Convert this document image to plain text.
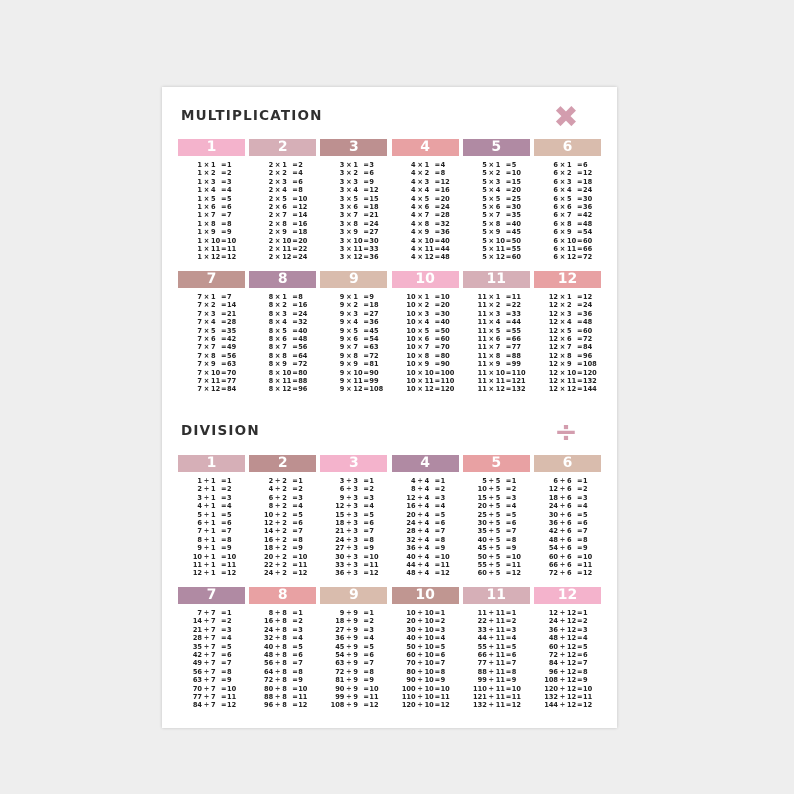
MULTIPLICATION	✖
1
1 × 1 = 1
1 × 2 = 2
1 × 3 = 3
1 × 4 = 4
1 × 5 = 5
1 × 6 = 6
1 × 7 = 7
1 × 8 = 8
1 × 9 = 9
1 × 10 = 10
1 × 11 = 11
1 × 12 = 12
2
2 × 1 = 2
2 × 2 = 4
2 × 3 = 6
2 × 4 = 8
2 × 5 = 10
2 × 6 = 12
2 × 7 = 14
2 × 8 = 16
2 × 9 = 18
2 × 10 = 20
2 × 11 = 22
2 × 12 = 24
3
3 × 1 = 3
3 × 2 = 6
3 × 3 = 9
3 × 4 = 12
3 × 5 = 15
3 × 6 = 18
3 × 7 = 21
3 × 8 = 24
3 × 9 = 27
3 × 10 = 30
3 × 11 = 33
3 × 12 = 36
4
4 × 1 = 4
4 × 2 = 8
4 × 3 = 12
4 × 4 = 16
4 × 5 = 20
4 × 6 = 24
4 × 7 = 28
4 × 8 = 32
4 × 9 = 36
4 × 10 = 40
4 × 11 = 44
4 × 12 = 48
5
5 × 1 = 5
5 × 2 = 10
5 × 3 = 15
5 × 4 = 20
5 × 5 = 25
5 × 6 = 30
5 × 7 = 35
5 × 8 = 40
5 × 9 = 45
5 × 10 = 50
5 × 11 = 55
5 × 12 = 60
6
6 × 1 = 6
6 × 2 = 12
6 × 3 = 18
6 × 4 = 24
6 × 5 = 30
6 × 6 = 36
6 × 7 = 42
6 × 8 = 48
6 × 9 = 54
6 × 10 = 60
6 × 11 = 66
6 × 12 = 72
7
7 × 1 = 7
7 × 2 = 14
7 × 3 = 21
7 × 4 = 28
7 × 5 = 35
7 × 6 = 42
7 × 7 = 49
7 × 8 = 56
7 × 9 = 63
7 × 10 = 70
7 × 11 = 77
7 × 12 = 84
8
8 × 1 = 8
8 × 2 = 16
8 × 3 = 24
8 × 4 = 32
8 × 5 = 40
8 × 6 = 48
8 × 7 = 56
8 × 8 = 64
8 × 9 = 72
8 × 10 = 80
8 × 11 = 88
8 × 12 = 96
9
9 × 1 = 9
9 × 2 = 18
9 × 3 = 27
9 × 4 = 36
9 × 5 = 45
9 × 6 = 54
9 × 7 = 63
9 × 8 = 72
9 × 9 = 81
9 × 10 = 90
9 × 11 = 99
9 × 12 = 108
10
10 × 1 = 10
10 × 2 = 20
10 × 3 = 30
10 × 4 = 40
10 × 5 = 50
10 × 6 = 60
10 × 7 = 70
10 × 8 = 80
10 × 9 = 90
10 × 10 = 100
10 × 11 = 110
10 × 12 = 120
11
11 × 1 = 11
11 × 2 = 22
11 × 3 = 33
11 × 4 = 44
11 × 5 = 55
11 × 6 = 66
11 × 7 = 77
11 × 8 = 88
11 × 9 = 99
11 × 10 = 110
11 × 11 = 121
11 × 12 = 132
12
12 × 1 = 12
12 × 2 = 24
12 × 3 = 36
12 × 4 = 48
12 × 5 = 60
12 × 6 = 72
12 × 7 = 84
12 × 8 = 96
12 × 9 = 108
12 × 10 = 120
12 × 11 = 132
12 × 12 = 144
DIVISION	÷
1
1 ÷ 1 = 1
2 ÷ 1 = 2
3 ÷ 1 = 3
4 ÷ 1 = 4
5 ÷ 1 = 5
6 ÷ 1 = 6
7 ÷ 1 = 7
8 ÷ 1 = 8
9 ÷ 1 = 9
10 ÷ 1 = 10
11 ÷ 1 = 11
12 ÷ 1 = 12
2
2 ÷ 2 = 1
4 ÷ 2 = 2
6 ÷ 2 = 3
8 ÷ 2 = 4
10 ÷ 2 = 5
12 ÷ 2 = 6
14 ÷ 2 = 7
16 ÷ 2 = 8
18 ÷ 2 = 9
20 ÷ 2 = 10
22 ÷ 2 = 11
24 ÷ 2 = 12
3
3 ÷ 3 = 1
6 ÷ 3 = 2
9 ÷ 3 = 3
12 ÷ 3 = 4
15 ÷ 3 = 5
18 ÷ 3 = 6
21 ÷ 3 = 7
24 ÷ 3 = 8
27 ÷ 3 = 9
30 ÷ 3 = 10
33 ÷ 3 = 11
36 ÷ 3 = 12
4
4 ÷ 4 = 1
8 ÷ 4 = 2
12 ÷ 4 = 3
16 ÷ 4 = 4
20 ÷ 4 = 5
24 ÷ 4 = 6
28 ÷ 4 = 7
32 ÷ 4 = 8
36 ÷ 4 = 9
40 ÷ 4 = 10
44 ÷ 4 = 11
48 ÷ 4 = 12
5
5 ÷ 5 = 1
10 ÷ 5 = 2
15 ÷ 5 = 3
20 ÷ 5 = 4
25 ÷ 5 = 5
30 ÷ 5 = 6
35 ÷ 5 = 7
40 ÷ 5 = 8
45 ÷ 5 = 9
50 ÷ 5 = 10
55 ÷ 5 = 11
60 ÷ 5 = 12
6
6 ÷ 6 = 1
12 ÷ 6 = 2
18 ÷ 6 = 3
24 ÷ 6 = 4
30 ÷ 6 = 5
36 ÷ 6 = 6
42 ÷ 6 = 7
48 ÷ 6 = 8
54 ÷ 6 = 9
60 ÷ 6 = 10
66 ÷ 6 = 11
72 ÷ 6 = 12
7
7 ÷ 7 = 1
14 ÷ 7 = 2
21 ÷ 7 = 3
28 ÷ 7 = 4
35 ÷ 7 = 5
42 ÷ 7 = 6
49 ÷ 7 = 7
56 ÷ 7 = 8
63 ÷ 7 = 9
70 ÷ 7 = 10
77 ÷ 7 = 11
84 ÷ 7 = 12
8
8 ÷ 8 = 1
16 ÷ 8 = 2
24 ÷ 8 = 3
32 ÷ 8 = 4
40 ÷ 8 = 5
48 ÷ 8 = 6
56 ÷ 8 = 7
64 ÷ 8 = 8
72 ÷ 8 = 9
80 ÷ 8 = 10
88 ÷ 8 = 11
96 ÷ 8 = 12
9
9 ÷ 9 = 1
18 ÷ 9 = 2
27 ÷ 9 = 3
36 ÷ 9 = 4
45 ÷ 9 = 5
54 ÷ 9 = 6
63 ÷ 9 = 7
72 ÷ 9 = 8
81 ÷ 9 = 9
90 ÷ 9 = 10
99 ÷ 9 = 11
108 ÷ 9 = 12
10
10 ÷ 10 = 1
20 ÷ 10 = 2
30 ÷ 10 = 3
40 ÷ 10 = 4
50 ÷ 10 = 5
60 ÷ 10 = 6
70 ÷ 10 = 7
80 ÷ 10 = 8
90 ÷ 10 = 9
100 ÷ 10 = 10
110 ÷ 10 = 11
120 ÷ 10 = 12
11
11 ÷ 11 = 1
22 ÷ 11 = 2
33 ÷ 11 = 3
44 ÷ 11 = 4
55 ÷ 11 = 5
66 ÷ 11 = 6
77 ÷ 11 = 7
88 ÷ 11 = 8
99 ÷ 11 = 9
110 ÷ 11 = 10
121 ÷ 11 = 11
132 ÷ 11 = 12
12
12 ÷ 12 = 1
24 ÷ 12 = 2
36 ÷ 12 = 3
48 ÷ 12 = 4
60 ÷ 12 = 5
72 ÷ 12 = 6
84 ÷ 12 = 7
96 ÷ 12 = 8
108 ÷ 12 = 9
120 ÷ 12 = 10
132 ÷ 12 = 11
144 ÷ 12 = 12
